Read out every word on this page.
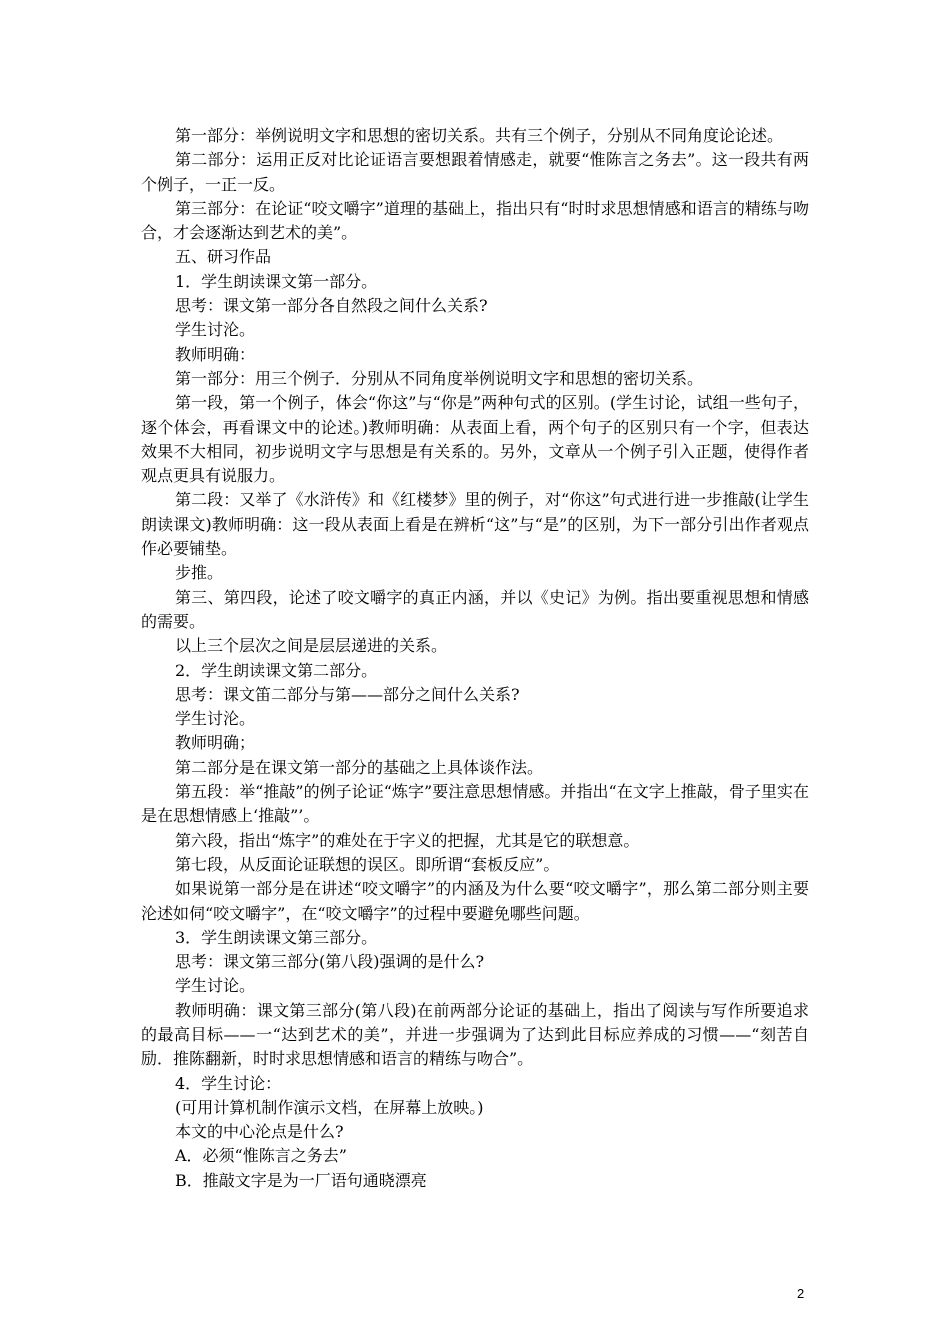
第一部分：举例说明文字和思想的密切关系。共有三个例子，分别从不同角度论论述。

第二部分：运用正反对比论证语言要想跟着情感走，就要“惟陈言之务去”。这一段共有两个例子，一正一反。

第三部分：在论证“咬文嚼字”道理的基础上，指出只有“时时求思想情感和语言的精练与吻合，才会逐渐达到艺术的美”。

五、研习作品

1．学生朗读课文第一部分。

思考：课文第一部分各自然段之间什么关系?

学生讨沦。

教师明确：

第一部分：用三个例子．分别从不同角度举例说明文字和思想的密切关系。

第一段，第一个例子，体会“你这”与“你是”两种句式的区别。(学生讨论，试组一些句子，逐个体会，再看课文中的论述。)教师明确：从表面上看，两个句子的区别只有一个字，但表达效果不大相同，初步说明文字与思想是有关系的。另外，文章从一个例子引入正题，使得作者观点更具有说服力。

第二段：又举了《水浒传》和《红楼梦》里的例子，对“你这”句式进行进一步推敲(让学生朗读课文)教师明确：这一段从表面上看是在辨析“这”与“是”的区别，为下一部分引出作者观点作必要铺垫。

步推。

第三、第四段，论述了咬文嚼字的真正内涵，并以《史记》为例。指出要重视思想和情感的需要。

以上三个层次之间是层层递进的关系。

2．学生朗读课文第二部分。

思考：课文笛二部分与第——部分之间什么关系?

学生讨沦。

教师明确；

第二部分是在课文第一部分的基础之上具体谈作法。

第五段：举“推敲”的例子论证“炼字”要注意思想情感。并指出“在文字上推敲，骨子里实在是在思想情感上‘推敲”’。

第六段，指出“炼字”的难处在于字义的把握，尤其是它的联想意。

第七段，从反面论证联想的误区。即所谓“套板反应”。

如果说第一部分是在讲述“咬文嚼字”的内涵及为什么要“咬文嚼字”，那么第二部分则主要沦述如伺“咬文嚼字”，在“咬文嚼字”的过程中要避免哪些问题。

3．学生朗读课文第三部分。

思考：课文第三部分(第八段)强调的是什么?

学生讨论。

教师明确：课文第三部分(第八段)在前两部分论证的基础上，指出了阅读与写作所要追求的最高目标——一“达到艺术的美”，并进一步强调为了达到此目标应养成的习惯——“刻苦自励．推陈翻新，时时求思想情感和语言的精练与吻合”。

4．学生讨论：

(可用计算机制作演示文档，在屏幕上放映。)

本文的中心沦点是什么?

A．必须“惟陈言之务去”

B．推敲文字是为一厂语句通晓漂亮

2
